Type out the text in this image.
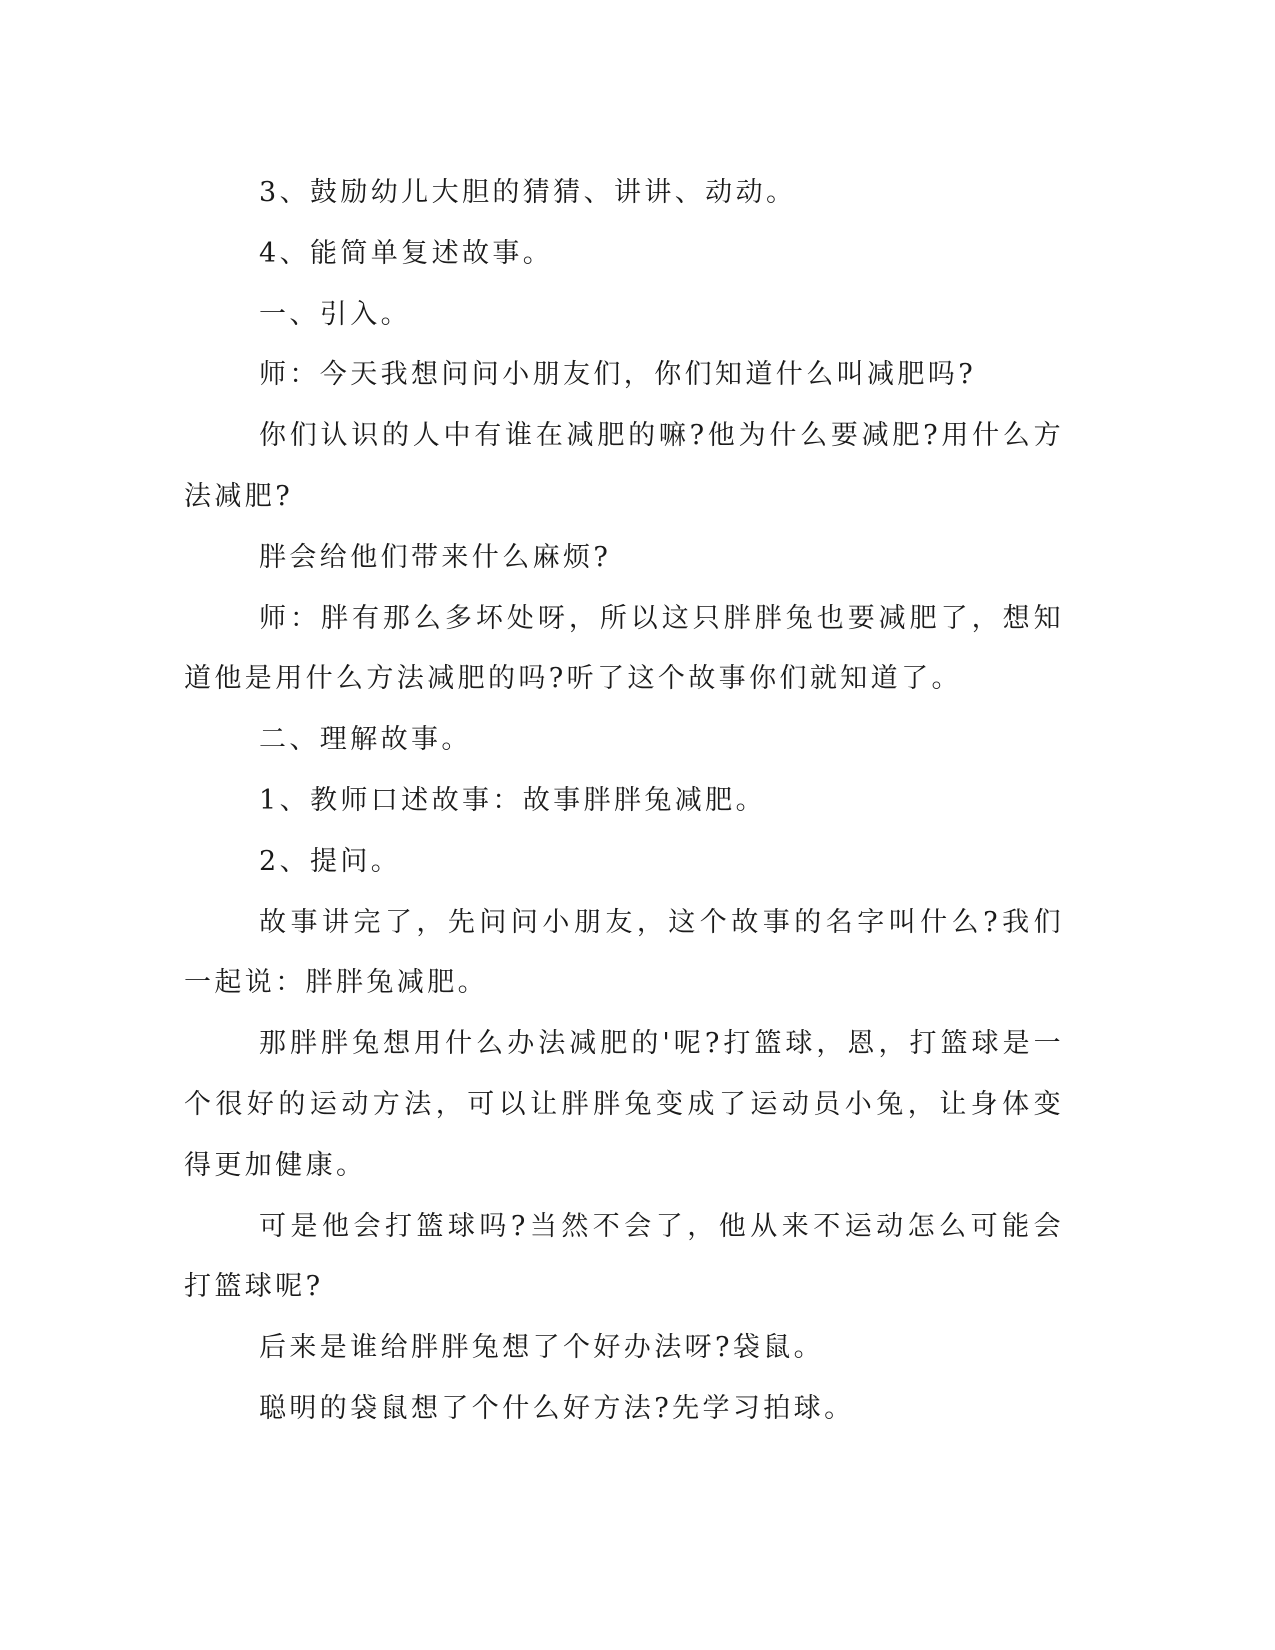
3、鼓励幼儿大胆的猜猜、讲讲、动动。

4、能简单复述故事。

一、引入。

师：今天我想问问小朋友们，你们知道什么叫减肥吗?

你们认识的人中有谁在减肥的嘛?他为什么要减肥?用什么方法减肥?

胖会给他们带来什么麻烦?

师：胖有那么多坏处呀，所以这只胖胖兔也要减肥了，想知道他是用什么方法减肥的吗?听了这个故事你们就知道了。

二、理解故事。

1、教师口述故事：故事胖胖兔减肥。

2、提问。

故事讲完了，先问问小朋友，这个故事的名字叫什么?我们一起说：胖胖兔减肥。

那胖胖兔想用什么办法减肥的'呢?打篮球，恩，打篮球是一个很好的运动方法，可以让胖胖兔变成了运动员小兔，让身体变得更加健康。

可是他会打篮球吗?当然不会了，他从来不运动怎么可能会打篮球呢?

后来是谁给胖胖兔想了个好办法呀?袋鼠。

聪明的袋鼠想了个什么好方法?先学习拍球。
